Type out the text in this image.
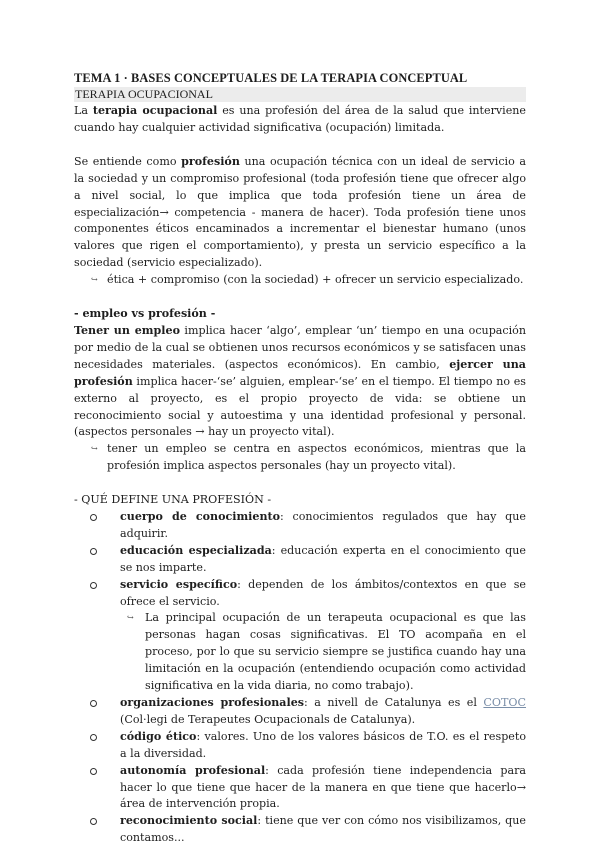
TEMA 1 · BASES CONCEPTUALES DE LA TERAPIA CONCEPTUAL
TERAPIA OCUPACIONAL

La terapia ocupacional es una profesión del área de la salud que interviene cuando hay cualquier actividad significativa (ocupación) limitada.

Se entiende como profesión una ocupación técnica con un ideal de servicio a la sociedad y un compromiso profesional (toda profesión tiene que ofrecer algo a nivel social, lo que implica que toda profesión tiene un área de especialización→ competencia - manera de hacer). Toda profesión tiene unos componentes éticos encaminados a incrementar el bienestar humano (unos valores que rigen el comportamiento), y presta un servicio específico a la sociedad (servicio especializado).

↪ ética + compromiso (con la sociedad) + ofrecer un servicio especializado.

- empleo vs profesión -

Tener un empleo implica hacer ‘algo’, emplear ‘un’ tiempo en una ocupación por medio de la cual se obtienen unos recursos económicos y se satisfacen unas necesidades materiales. (aspectos económicos). En cambio, ejercer una profesión implica hacer-‘se’ alguien, emplear-‘se’ en el tiempo. El tiempo no es externo al proyecto, es el propio proyecto de vida: se obtiene un reconocimiento social y autoestima y una identidad profesional y personal. (aspectos personales → hay un proyecto vital).

↪ tener un empleo se centra en aspectos económicos, mientras que la profesión implica aspectos personales (hay un proyecto vital).

- QUÉ DEFINE UNA PROFESIÓN -

cuerpo de conocimiento: conocimientos regulados que hay que adquirir.
educación especializada: educación experta en el conocimiento que se nos imparte.
servicio específico: dependen de los ámbitos/contextos en que se ofrece el servicio.
↪ La principal ocupación de un terapeuta ocupacional es que las personas hagan cosas significativas. El TO acompaña en el proceso, por lo que su servicio siempre se justifica cuando hay una limitación en la ocupación (entendiendo ocupación como actividad significativa en la vida diaria, no como trabajo).
organizaciones profesionales: a nivell de Catalunya es el COTOC (Col·legi de Terapeutes Ocupacionals de Catalunya).
código ético: valores. Uno de los valores básicos de T.O. es el respeto a la diversidad.
autonomía profesional: cada profesión tiene independencia para hacer lo que tiene que hacer de la manera en que tiene que hacerlo→ área de intervención propia.
reconocimiento social: tiene que ver con cómo nos visibilizamos, que contamos...
